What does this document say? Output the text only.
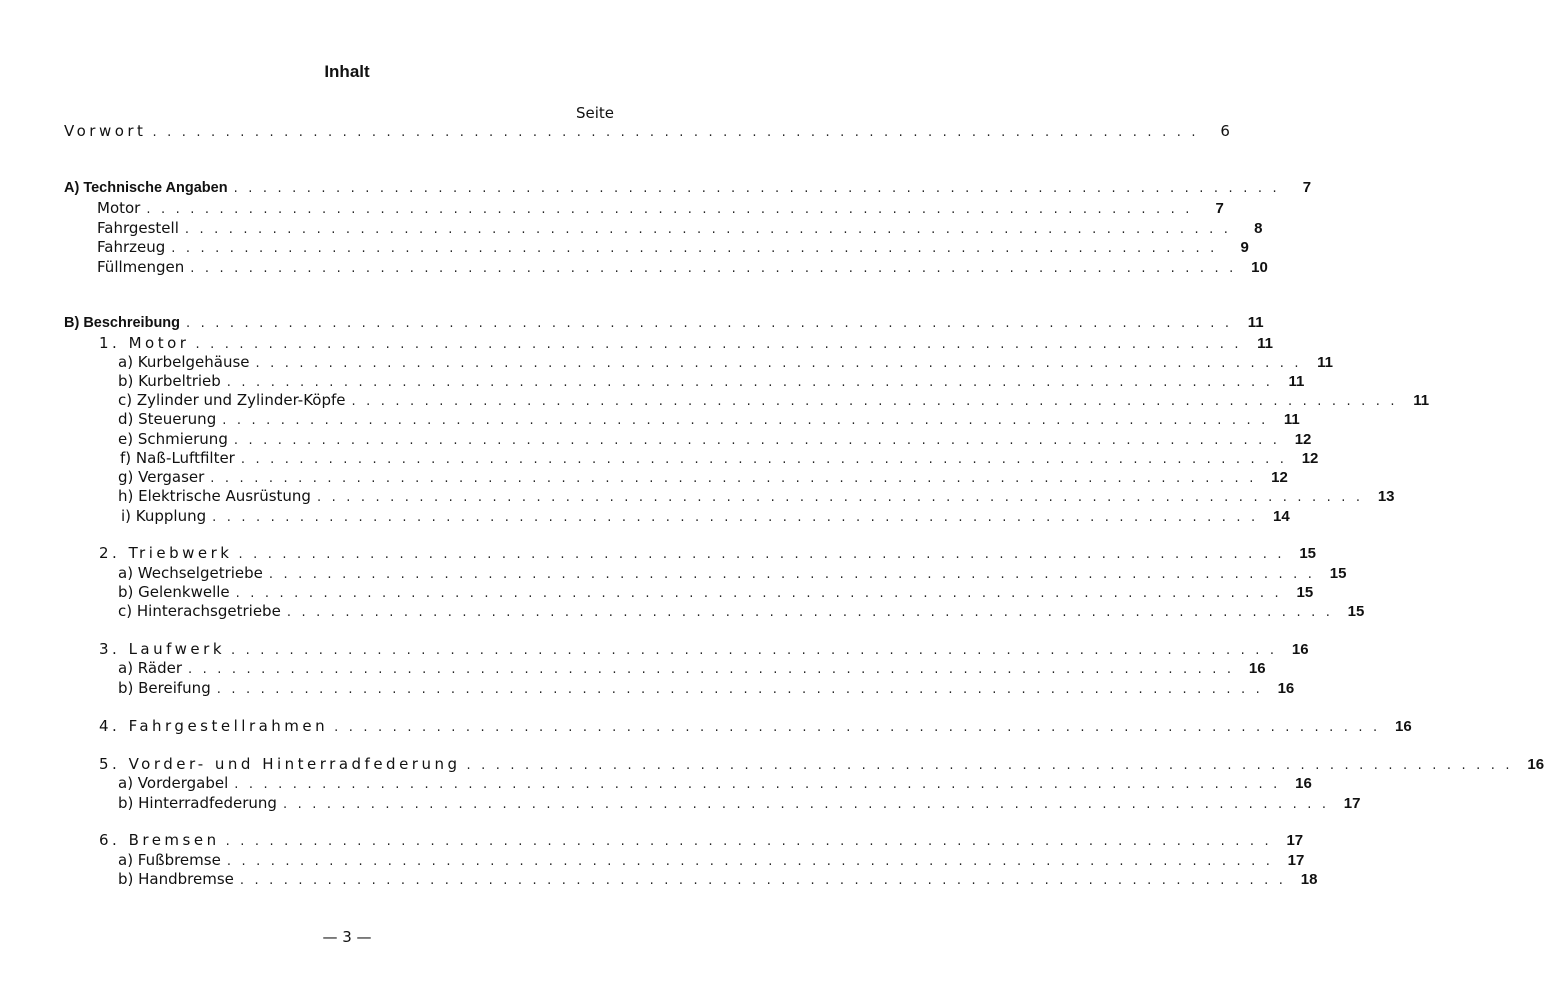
Inhalt
Seite
Vorwort ........................................................................ 6
A) Technische Angaben ........................................................................	7
Motor ........................................................................	7
Fahrgestell ........................................................................	8
Fahrzeug ........................................................................	9
Füllmengen ........................................................................ 10
B) Beschreibung ........................................................................ 11
1. Motor ........................................................................ 11
a) Kurbelgehäuse ........................................................................ 11
b) Kurbeltrieb ........................................................................ 11
c) Zylinder und Zylinder-Köpfe ........................................................................ 11
d) Steuerung ........................................................................ 11
e) Schmierung ........................................................................ 12
f) Naß-Luftfilter ........................................................................ 12
g) Vergaser ........................................................................ 12
h) Elektrische Ausrüstung ........................................................................ 13
i) Kupplung ........................................................................ 14
2. Triebwerk ........................................................................ 15
a) Wechselgetriebe ........................................................................ 15
b) Gelenkwelle ........................................................................ 15
c) Hinterachsgetriebe ........................................................................ 15
3. Laufwerk ........................................................................ 16
a) Räder ........................................................................ 16
b) Bereifung ........................................................................ 16
4. Fahrgestellrahmen ........................................................................ 16
5. Vorder- und Hinterradfederung ........................................................................ 16
a) Vordergabel ........................................................................ 16
b) Hinterradfederung ........................................................................ 17
6. Bremsen ........................................................................ 17
a) Fußbremse ........................................................................ 17
b) Handbremse ........................................................................ 18
— 3 —
